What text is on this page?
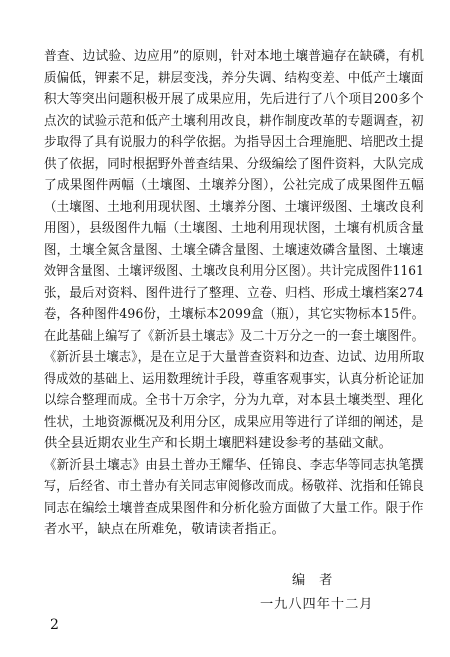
普查、边试验、边应用”的原则，针对本地土壤普遍存在缺磷，有机
质偏低，钾素不足，耕层变浅，养分失调、结构变差、中低产土壤面
积大等突出问题积极开展了成果应用，先后进行了八个项目200多个
点次的试验示范和低产土壤利用改良，耕作制度改革的专题调查，初
步取得了具有说服力的科学依据。为指导因土合理施肥、培肥改土提
供了依据，同时根据野外普查结果、分级编绘了图件资料，大队完成
了成果图件两幅（土壤图、土壤养分图），公社完成了成果图件五幅
（土壤图、土地利用现状图、土壤养分图、土壤评级图、土壤改良利
用图），县级图件九幅（土壤图、土地利用现状图，土壤有机质含量
图，土壤全氮含量图、土壤全磷含量图、土壤速效磷含量图、土壤速
效钾含量图、土壤评级图、土壤改良利用分区图）。共计完成图件1161
张，最后对资料、图件进行了整理、立卷、归档、形成土壤档案274
卷，各种图件496份，土壤标本2099盒（瓶），其它实物标本15件。
在此基础上编写了《新沂县土壤志》及二十万分之一的一套土壤图件。
《新沂县土壤志》，是在立足于大量普查资料和边查、边试、边用所取
得成效的基础上、运用数理统计手段，尊重客观事实，认真分析论证加
以综合整理而成。全书十万余字，分为九章，对本县土壤类型、理化
性状，土地资源概况及利用分区，成果应用等进行了详细的阐述，是
供全县近期农业生产和长期土壤肥料建设参考的基础文献。
《新沂县土壤志》由县土普办王耀华、任锦良、李志华等同志执笔撰
写，后经省、市土普办有关同志审阅修改而成。杨敬祥、沈指和任锦良
同志在编绘土壤普查成果图件和分析化验方面做了大量工作。限于作
者水平，缺点在所难免，敬请读者指正。
编者
一九八四年十二月
2
